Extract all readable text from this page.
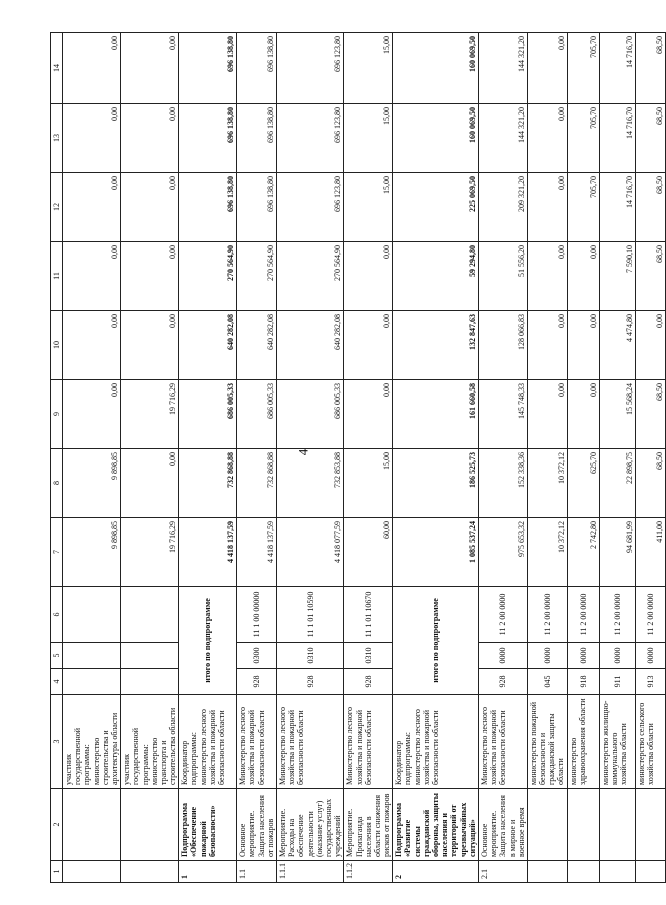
4
1	2	3	4	5	6	7	8	9	10	11	12	13	14
		участник государственной программы: министерство строительства и архитектуры области				9 898,85	9 898,85	0,00	0,00	0,00	0,00	0,00	0,00
		участник государственной программы: министерство транспорта и строительства области				19 716,29	0,00	19 716,29	0,00	0,00	0,00	0,00	0,00
1	Подпрограмма «Обеспечение пожарной безопасности»	Координатор подпрограммы: министерство лесного хозяйства и пожарной безопасности области	итого по подпрограмме			4 418 137,59	732 868,88	686 005,33	640 282,08	270 564,90	696 138,80	696 138,80	696 138,80
1.1	Основное мероприятие. Защита населения от пожаров	Министерство лесного хозяйства и пожарной безопасности области	928	0300	11 1 00 00000	4 418 137,59	732 868,88	686 005,33	640 282,08	270 564,90	696 138,80	696 138,80	696 138,80
1.1.1	Мероприятие. Расходы на обеспечение деятельности (оказание услуг) государственных учреждений	Министерство лесного хозяйства и пожарной безопасности области	928	0310	11 1 01 10590	4 418 077,59	732 853,88	686 005,33	640 282,08	270 564,90	696 123,80	696 123,80	696 123,80
1.1.2	Мероприятие. Пропаганда населения в области снижения рисков от пожаров	Министерство лесного хозяйства и пожарной безопасности области	928	0310	11 1 01 10670	60,00	15,00	0,00	0,00	0,00	15,00	15,00	15,00
2	Подпрограмма «Развитие системы гражданской обороны, защиты населения и территорий от чрезвычайных ситуаций»	Координатор подпрограммы: министерство лесного хозяйства и пожарной безопасности области	итого по подпрограмме			1 085 537,24	186 525,73	161 660,58	132 847,63	59 294,80	225 069,50	160 069,50	160 069,50
2.1	Основное мероприятие. Защита населения в мирное и военное время	Министерство лесного хозяйства и пожарной безопасности области	928	0000	11 2 00 0000	975 653,32	152 338,36	145 748,33	128 066,83	51 556,20	209 321,20	144 321,20	144 321,20
		министерство пожарной безопасности и гражданской защиты области	045	0000	11 2 00 0000	10 372,12	10 372,12	0,00	0,00	0,00	0,00	0,00	0,00
		министерство здравоохранения области	918	0000	11 2 00 0000	2 742,80	625,70	0,00	0,00	0,00	705,70	705,70	705,70
		министерство жилищно-коммунального хозяйства области	911	0000	11 2 00 0000	94 681,99	22 898,75	15 568,24	4 474,80	7 590,10	14 716,70	14 716,70	14 716,70
		министерство сельского хозяйства области	913	0000	11 2 00 0000	411,00	68,50	68,50	0,00	68,50	68,50	68,50	68,50
